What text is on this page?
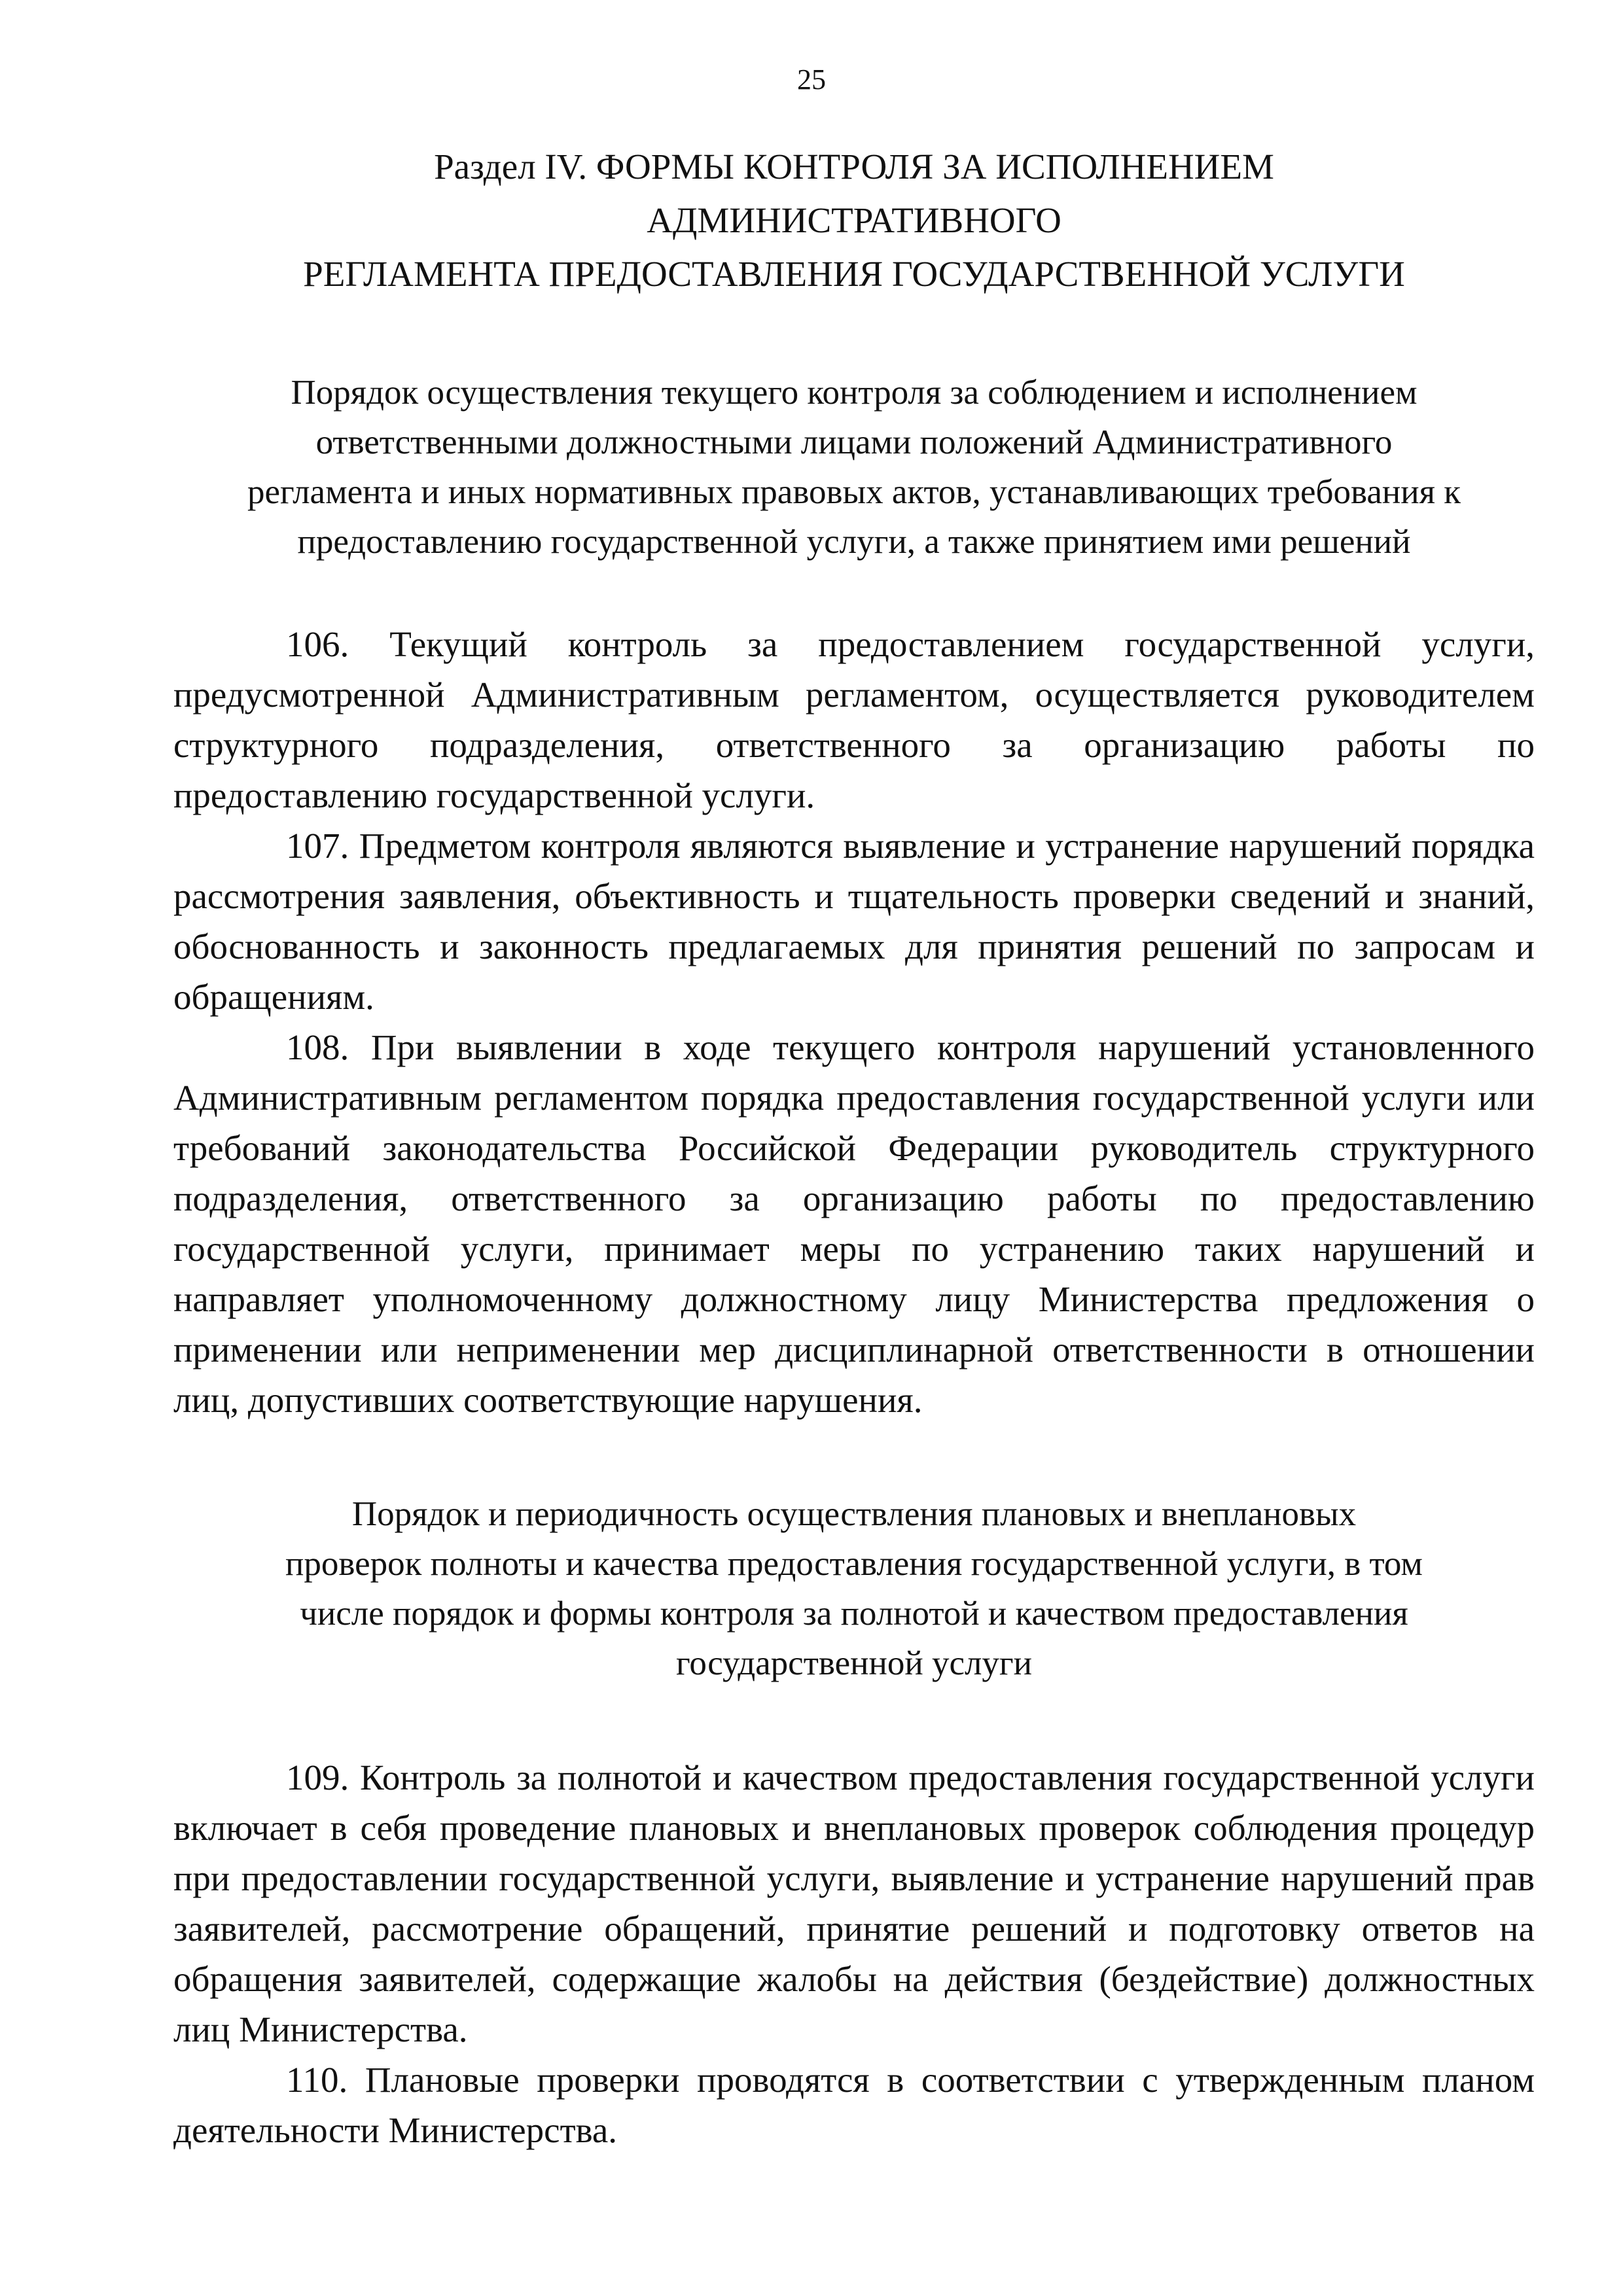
25
Раздел IV. ФОРМЫ КОНТРОЛЯ ЗА ИСПОЛНЕНИЕМ
АДМИНИСТРАТИВНОГО
РЕГЛАМЕНТА ПРЕДОСТАВЛЕНИЯ ГОСУДАРСТВЕННОЙ УСЛУГИ
Порядок осуществления текущего контроля за соблюдением и исполнением
ответственными должностными лицами положений Административного
регламента и иных нормативных правовых актов, устанавливающих требования к
предоставлению государственной услуги, а также принятием ими решений

106. Текущий контроль за предоставлением государственной услуги, предусмотренной Административным регламентом, осуществляется руководителем структурного подразделения, ответственного за организацию работы по предоставлению государственной услуги.

107. Предметом контроля являются выявление и устранение нарушений порядка рассмотрения заявления, объективность и тщательность проверки сведений и знаний, обоснованность и законность предлагаемых для принятия решений по запросам и обращениям.

108. При выявлении в ходе текущего контроля нарушений установленного Административным регламентом порядка предоставления государственной услуги или требований законодательства Российской Федерации руководитель структурного подразделения, ответственного за организацию работы по предоставлению государственной услуги, принимает меры по устранению таких нарушений и направляет уполномоченному должностному лицу Министерства предложения о применении или неприменении мер дисциплинарной ответственности в отношении лиц, допустивших соответствующие нарушения.

Порядок и периодичность осуществления плановых и внеплановых
проверок полноты и качества предоставления государственной услуги, в том
числе порядок и формы контроля за полнотой и качеством предоставления
государственной услуги

109. Контроль за полнотой и качеством предоставления государственной услуги включает в себя проведение плановых и внеплановых проверок соблюдения процедур при предоставлении государственной услуги, выявление и устранение нарушений прав заявителей, рассмотрение обращений, принятие решений и подготовку ответов на обращения заявителей, содержащие жалобы на действия (бездействие) должностных лиц Министерства.

110. Плановые проверки проводятся в соответствии с утвержденным планом деятельности Министерства.
